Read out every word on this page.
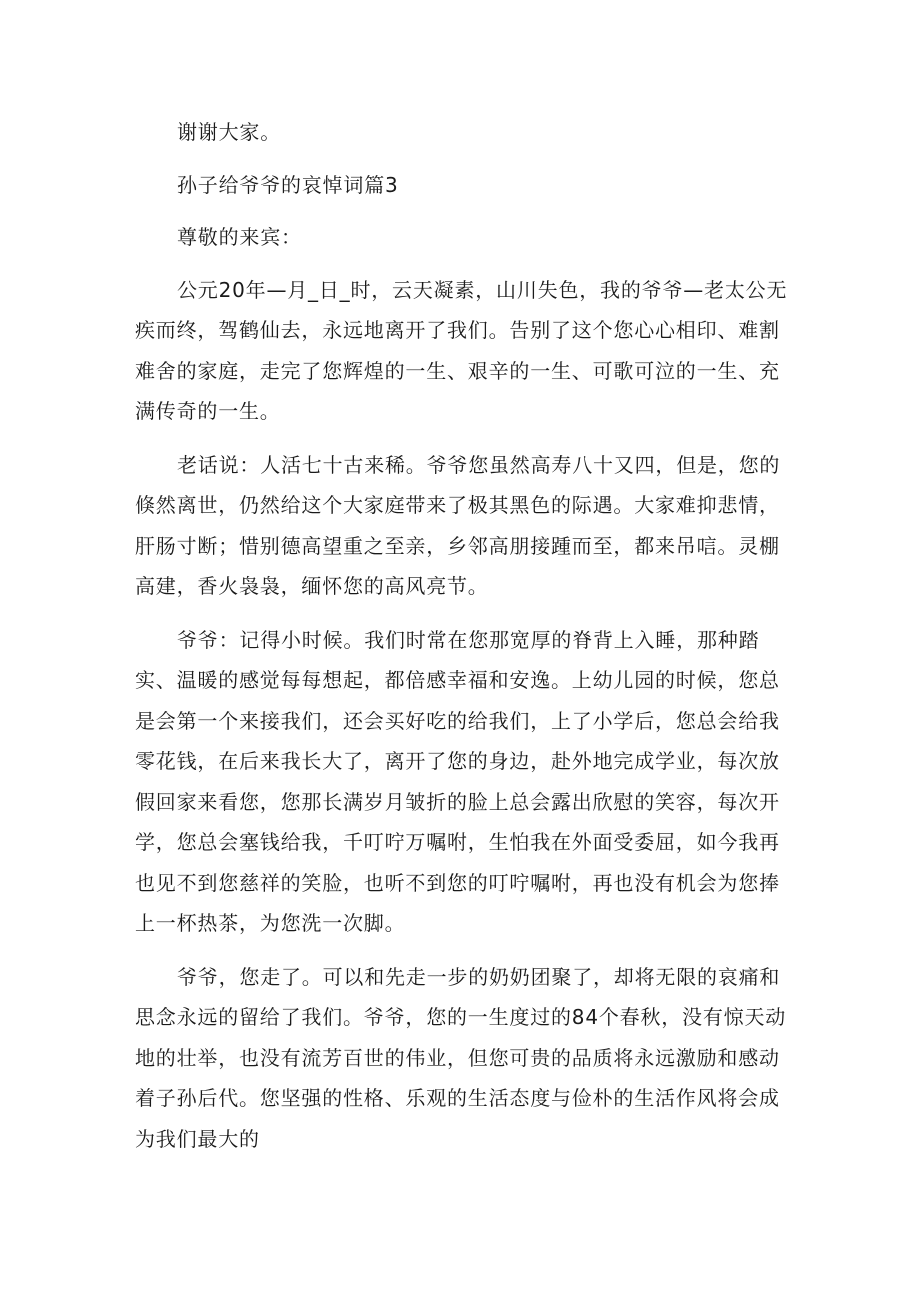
谢谢大家。

孙子给爷爷的哀悼词篇3

尊敬的来宾：

公元20年—月_日_时，云天凝素，山川失色，我的爷爷—老太公无疾而终，驾鹤仙去，永远地离开了我们。告别了这个您心心相印、难割难舍的家庭，走完了您辉煌的一生、艰辛的一生、可歌可泣的一生、充满传奇的一生。

老话说：人活七十古来稀。爷爷您虽然高寿八十又四，但是，您的倏然离世，仍然给这个大家庭带来了极其黑色的际遇。大家难抑悲情，肝肠寸断；惜别德高望重之至亲，乡邻高朋接踵而至，都来吊唁。灵棚高建，香火袅袅，缅怀您的高风亮节。

爷爷：记得小时候。我们时常在您那宽厚的脊背上入睡，那种踏实、温暖的感觉每每想起，都倍感幸福和安逸。上幼儿园的时候，您总是会第一个来接我们，还会买好吃的给我们，上了小学后，您总会给我零花钱，在后来我长大了，离开了您的身边，赴外地完成学业，每次放假回家来看您，您那长满岁月皱折的脸上总会露出欣慰的笑容，每次开学，您总会塞钱给我，千叮咛万嘱咐，生怕我在外面受委屈，如今我再也见不到您慈祥的笑脸，也听不到您的叮咛嘱咐，再也没有机会为您捧上一杯热茶，为您洗一次脚。

爷爷，您走了。可以和先走一步的奶奶团聚了，却将无限的哀痛和思念永远的留给了我们。爷爷，您的一生度过的84个春秋，没有惊天动地的壮举，也没有流芳百世的伟业，但您可贵的品质将永远激励和感动着子孙后代。您坚强的性格、乐观的生活态度与俭朴的生活作风将会成为我们最大的
